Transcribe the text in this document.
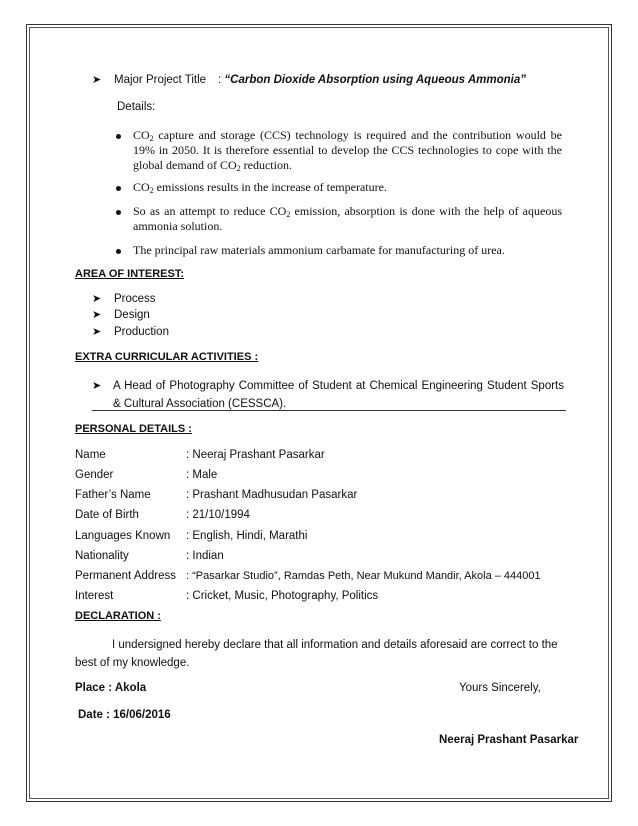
➤ Major Project Title : “Carbon Dioxide Absorption using Aqueous Ammonia”
Details:
$CO_2$ capture and storage (CCS) technology is required and the contribution would be 19% in 2050. It is therefore essential to develop the CCS technologies to cope with the global demand of $CO_2$ reduction.
$CO_2$ emissions results in the increase of temperature.
So as an attempt to reduce $CO_2$ emission, absorption is done with the help of aqueous ammonia solution.
The principal raw materials ammonium carbamate for manufacturing of urea.
AREA OF INTEREST:
➤ Process
➤ Design
➤ Production
EXTRA CURRICULAR ACTIVITIES :
➤	A Head of Photography Committee of Student at Chemical Engineering Student Sports & Cultural Association (CESSCA).
PERSONAL DETAILS :
Name	: Neeraj Prashant Pasarkar
Gender	: Male
Father’s Name	: Prashant Madhusudan Pasarkar
Date of Birth	: 21/10/1994
Languages Known : English, Hindi, Marathi
Nationality	: Indian
Permanent Address : “Pasarkar Studio”, Ramdas Peth, Near Mukund Mandir, Akola – 444001
Interest	: Cricket, Music, Photography, Politics
DECLARATION :
I undersigned hereby declare that all information and details aforesaid are correct to the best of my knowledge.
Place : Akola	Yours Sincerely,
Date : 16/06/2016
Neeraj Prashant Pasarkar
